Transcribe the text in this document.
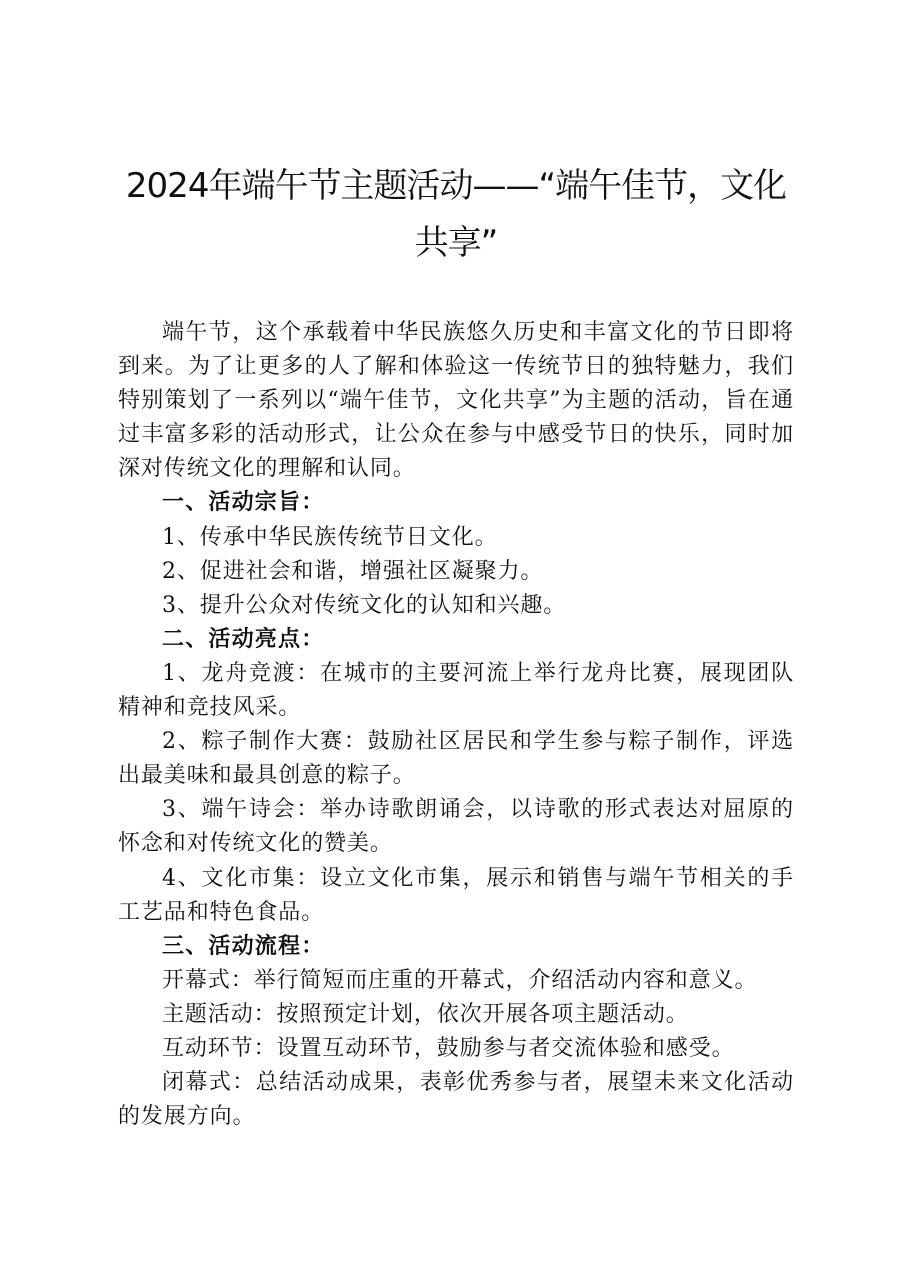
2024年端午节主题活动——“端午佳节，文化共享”

端午节，这个承载着中华民族悠久历史和丰富文化的节日即将到来。为了让更多的人了解和体验这一传统节日的独特魅力，我们特别策划了一系列以“端午佳节，文化共享”为主题的活动，旨在通过丰富多彩的活动形式，让公众在参与中感受节日的快乐，同时加深对传统文化的理解和认同。

一、活动宗旨：

1、传承中华民族传统节日文化。

2、促进社会和谐，增强社区凝聚力。

3、提升公众对传统文化的认知和兴趣。

二、活动亮点：

1、龙舟竞渡：在城市的主要河流上举行龙舟比赛，展现团队精神和竞技风采。

2、粽子制作大赛：鼓励社区居民和学生参与粽子制作，评选出最美味和最具创意的粽子。

3、端午诗会：举办诗歌朗诵会，以诗歌的形式表达对屈原的怀念和对传统文化的赞美。

4、文化市集：设立文化市集，展示和销售与端午节相关的手工艺品和特色食品。

三、活动流程：

开幕式：举行简短而庄重的开幕式，介绍活动内容和意义。

主题活动：按照预定计划，依次开展各项主题活动。

互动环节：设置互动环节，鼓励参与者交流体验和感受。

闭幕式：总结活动成果，表彰优秀参与者，展望未来文化活动的发展方向。
